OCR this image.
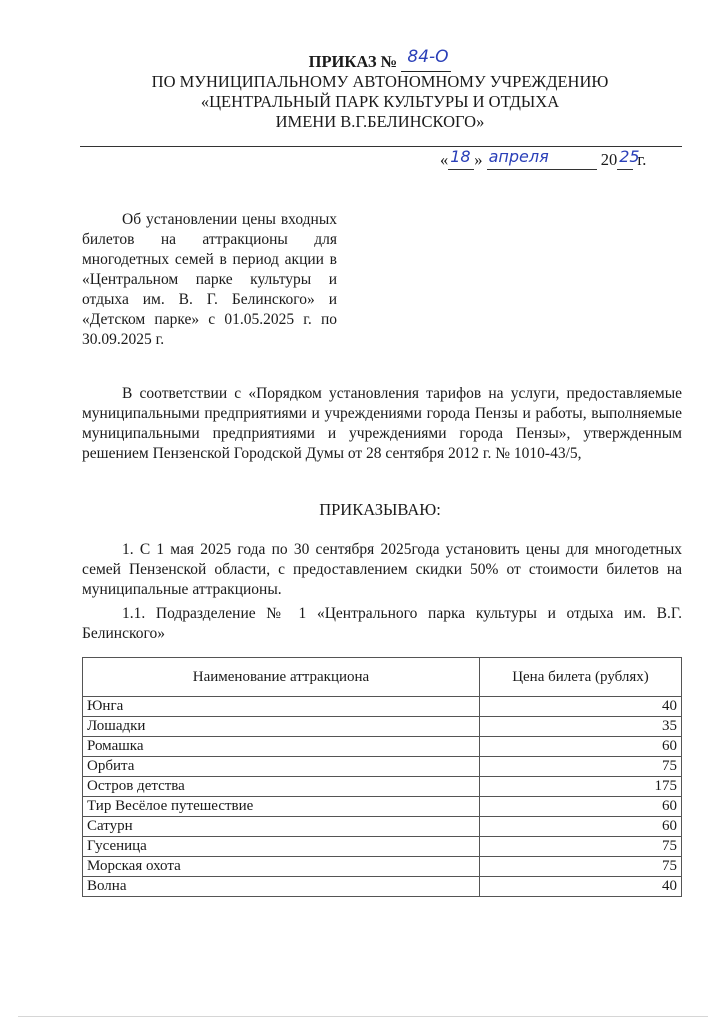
ПРИКАЗ № 84-О
ПО МУНИЦИПАЛЬНОМУ АВТОНОМНОМУ УЧРЕЖДЕНИЮ
«ЦЕНТРАЛЬНЫЙ ПАРК КУЛЬТУРЫ И ОТДЫХА
ИМЕНИ В.Г.БЕЛИНСКОГО»
« 18 » апреля	20 25
г.
Об установлении цены входных билетов на аттракционы для многодетных семей в период акции в «Центральном парке культуры и отдыха им. В. Г. Белинского» и «Детском парке» с 01.05.2025 г. по 30.09.2025 г.
В соответствии с «Порядком установления тарифов на услуги, предоставляемые муниципальными предприятиями и учреждениями города Пензы и работы, выполняемые муниципальными предприятиями и учреждениями города Пензы», утвержденным решением Пензенской Городской Думы от 28 сентября 2012 г. № 1010-43/5,
ПРИКАЗЫВАЮ:
1. С 1 мая 2025 года по 30 сентября 2025года установить цены для многодетных семей Пензенской области, с предоставлением скидки 50% от стоимости билетов на муниципальные аттракционы.
1.1. Подразделение № 1 «Центрального парка культуры и отдыха им. В.Г. Белинского»
Наименование аттракциона	Цена билета (рублях)
Юнга	40
Лошадки	35
Ромашка	60
Орбита	75
Остров детства	175
Тир Весёлое путешествие	60
Сатурн	60
Гусеница	75
Морская охота	75
Волна	40
